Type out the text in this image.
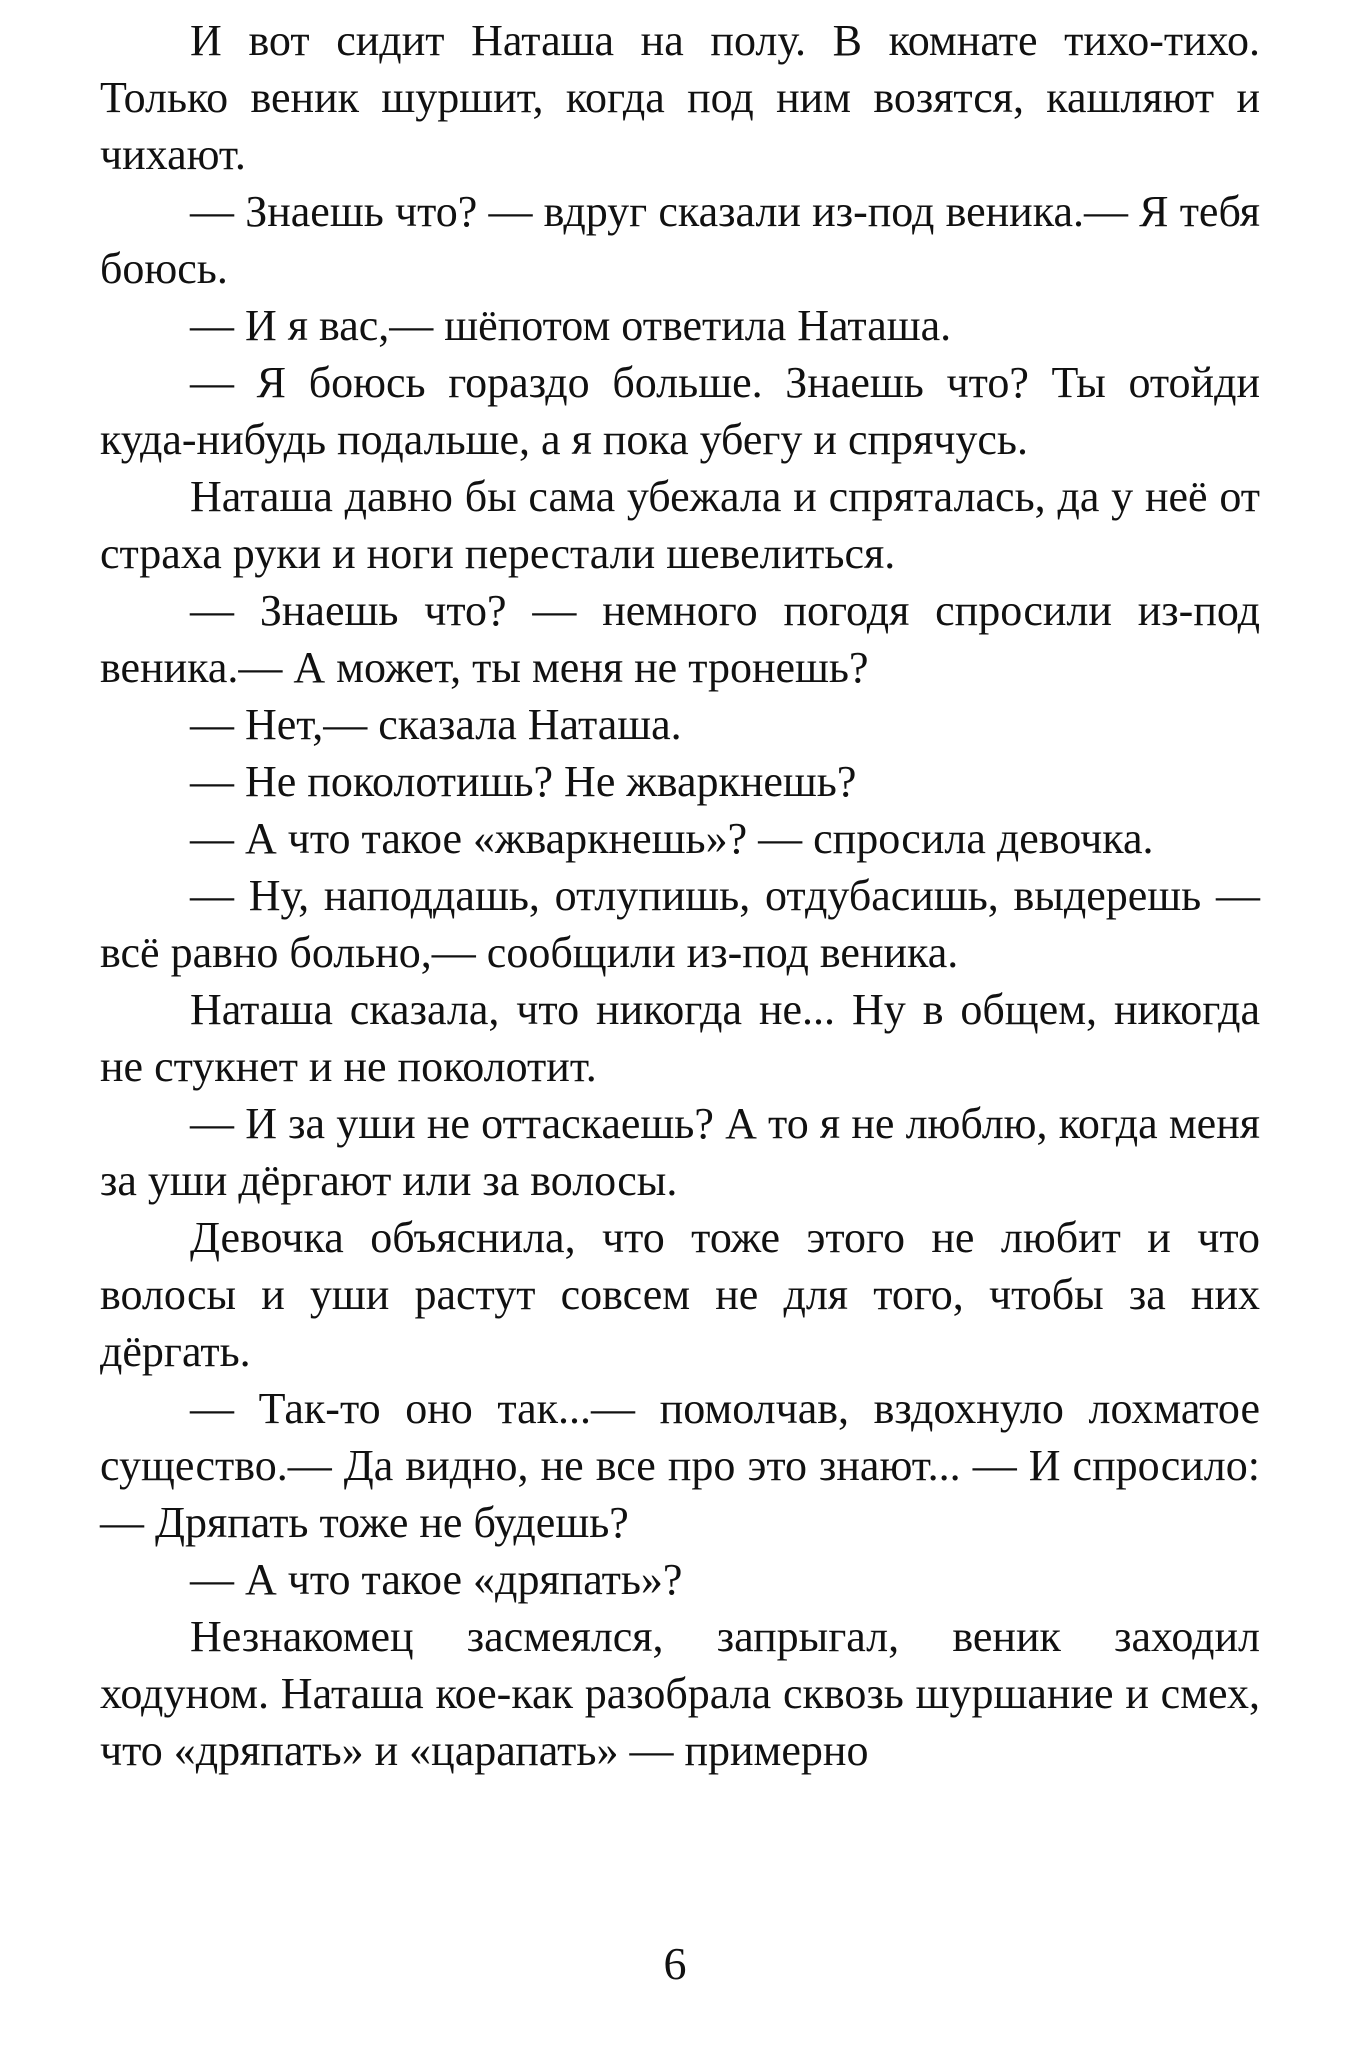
И вот сидит Наташа на полу. В комнате тихо-тихо. Только веник шуршит, когда под ним возятся, кашляют и чихают.

— Знаешь что? — вдруг сказали из-под веника.— Я тебя боюсь.

— И я вас,— шёпотом ответила Наташа.

— Я боюсь гораздо больше. Знаешь что? Ты отойди куда-нибудь подальше, а я пока убегу и спрячусь.

Наташа давно бы сама убежала и спряталась, да у неё от страха руки и ноги перестали шевелиться.

— Знаешь что? — немного погодя спросили из-под веника.— А может, ты меня не тронешь?

— Нет,— сказала Наташа.

— Не поколотишь? Не жваркнешь?

— А что такое «жваркнешь»? — спросила девочка.

— Ну, наподдашь, отлупишь, отдубасишь, выдерешь — всё равно больно,— сообщили из-под веника.

Наташа сказала, что никогда не... Ну в общем, никогда не стукнет и не поколотит.

— И за уши не оттаскаешь? А то я не люблю, когда меня за уши дёргают или за волосы.

Девочка объяснила, что тоже этого не любит и что волосы и уши растут совсем не для того, чтобы за них дёргать.

— Так-то оно так...— помолчав, вздохнуло лохматое существо.— Да видно, не все про это знают... — И спросило: — Дряпать тоже не будешь?

— А что такое «дряпать»?

Незнакомец засмеялся, запрыгал, веник заходил ходуном. Наташа кое-как разобрала сквозь шуршание и смех, что «дряпать» и «царапать» — примерно

6
